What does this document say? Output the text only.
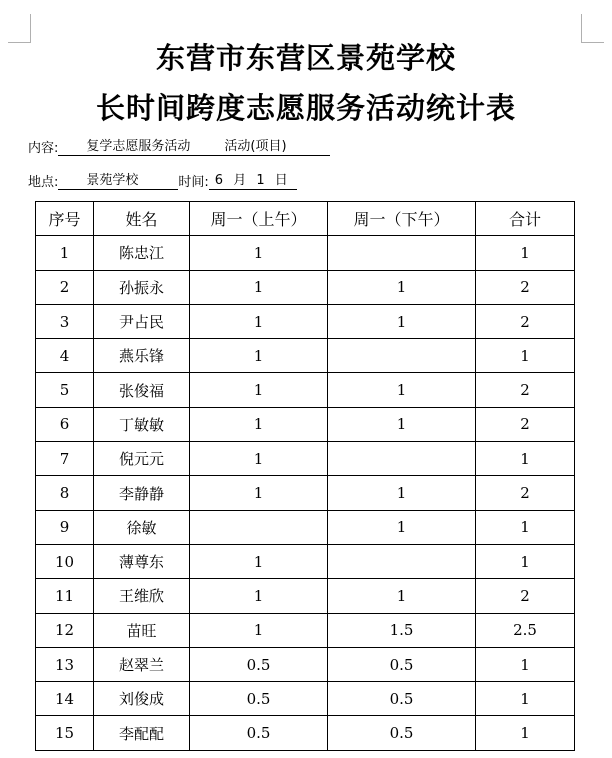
东营市东营区景苑学校
长时间跨度志愿服务活动统计表
内容:	复学志愿服务活动	活动(项目)
地点:	景苑学校	时间: 6 月 1 日
序号	姓名	周一（上午）	周一（下午）	合计
1	陈忠江	1		1
2	孙振永	1	1	2
3	尹占民	1	1	2
4	燕乐锋	1		1
5	张俊福	1	1	2
6	丁敏敏	1	1	2
7	倪元元	1		1
8	李静静	1	1	2
9	徐敏		1	1
10	薄尊东	1		1
11	王维欣	1	1	2
12	苗旺	1	1.5	2.5
13	赵翠兰	0.5	0.5	1
14	刘俊成	0.5	0.5	1
15	李配配	0.5	0.5	1
